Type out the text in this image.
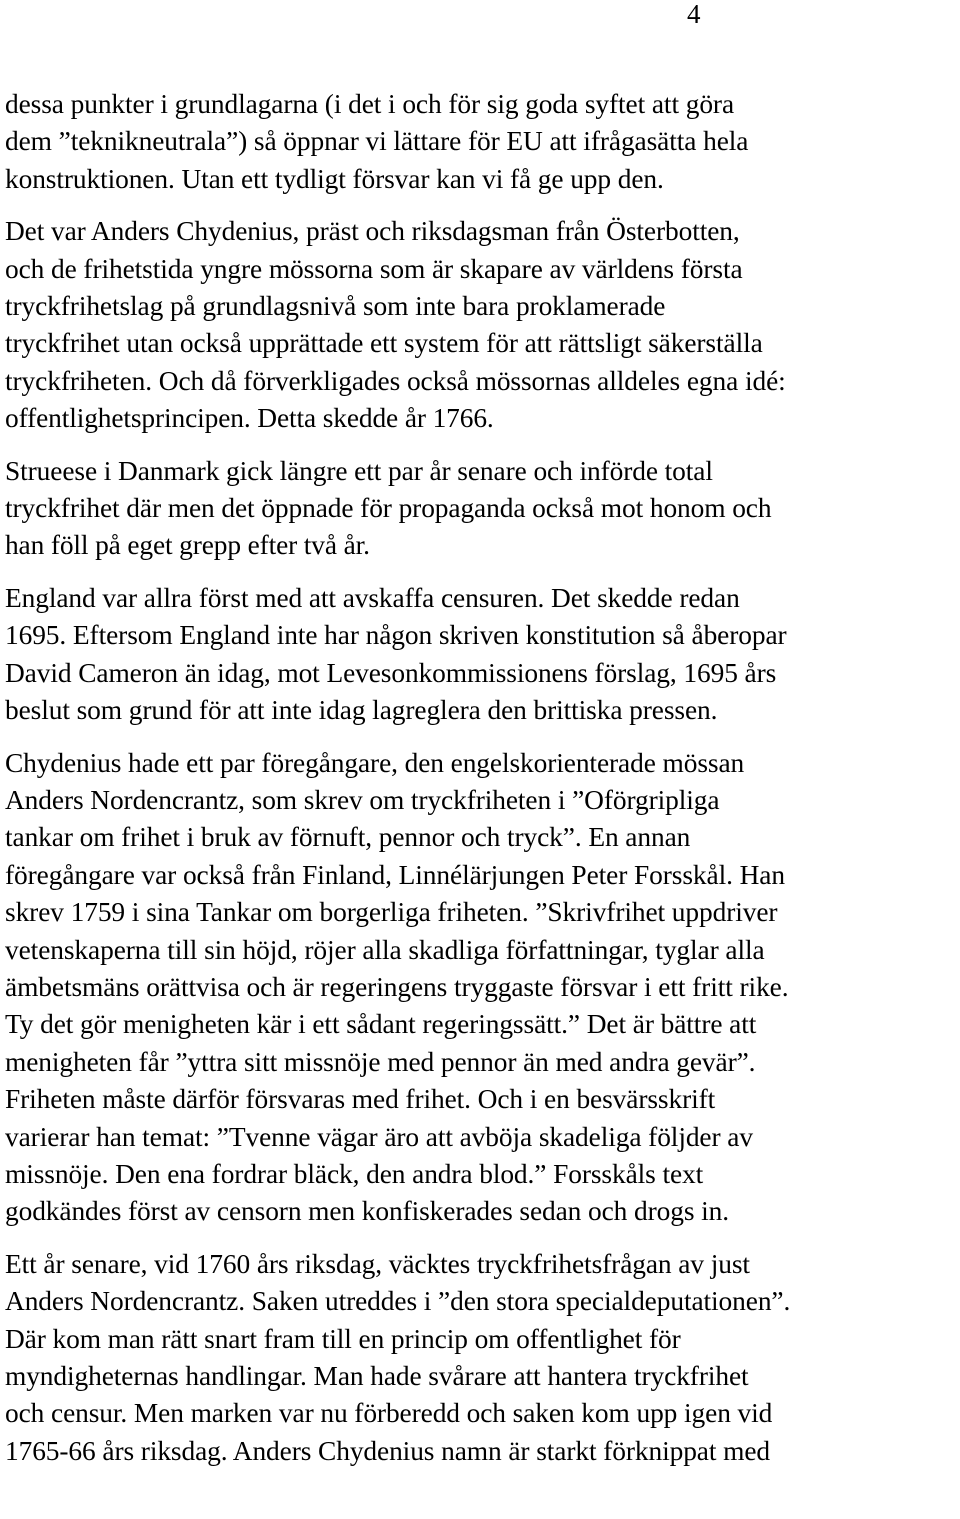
4

dessa punkter i grundlagarna (i det i och för sig goda syftet att göra
dem ”teknikneutrala”) så öppnar vi lättare för EU att ifrågasätta hela
konstruktionen. Utan ett tydligt försvar kan vi få ge upp den.

Det var Anders Chydenius, präst och riksdagsman från Österbotten,
och de frihetstida yngre mössorna som är skapare av världens första
tryckfrihetslag på grundlagsnivå som inte bara proklamerade
tryckfrihet utan också upprättade ett system för att rättsligt säkerställa
tryckfriheten. Och då förverkligades också mössornas alldeles egna idé:
offentlighetsprincipen. Detta skedde år 1766.

Strueese i Danmark gick längre ett par år senare och införde total
tryckfrihet där men det öppnade för propaganda också mot honom och
han föll på eget grepp efter två år.

England var allra först med att avskaffa censuren. Det skedde redan
1695. Eftersom England inte har någon skriven konstitution så åberopar
David Cameron än idag, mot Levesonkommissionens förslag, 1695 års
beslut som grund för att inte idag lagreglera den brittiska pressen.

Chydenius hade ett par föregångare, den engelskorienterade mössan
Anders Nordencrantz, som skrev om tryckfriheten i ”Oförgripliga
tankar om frihet i bruk av förnuft, pennor och tryck”. En annan
föregångare var också från Finland, Linnélärjungen Peter Forsskål. Han
skrev 1759 i sina Tankar om borgerliga friheten. ”Skrivfrihet uppdriver
vetenskaperna till sin höjd, röjer alla skadliga författningar, tyglar alla
ämbetsmäns orättvisa och är regeringens tryggaste försvar i ett fritt rike.
Ty det gör menigheten kär i ett sådant regeringssätt.” Det är bättre att
menigheten får ”yttra sitt missnöje med pennor än med andra gevär”.
Friheten måste därför försvaras med frihet. Och i en besvärsskrift
varierar han temat: ”Tvenne vägar äro att avböja skadeliga följder av
missnöje. Den ena fordrar bläck, den andra blod.” Forsskåls text
godkändes först av censorn men konfiskerades sedan och drogs in.

Ett år senare, vid 1760 års riksdag, väcktes tryckfrihetsfrågan av just
Anders Nordencrantz. Saken utreddes i ”den stora specialdeputationen”.
Där kom man rätt snart fram till en princip om offentlighet för
myndigheternas handlingar. Man hade svårare att hantera tryckfrihet
och censur. Men marken var nu förberedd och saken kom upp igen vid
1765-66 års riksdag. Anders Chydenius namn är starkt förknippat med
